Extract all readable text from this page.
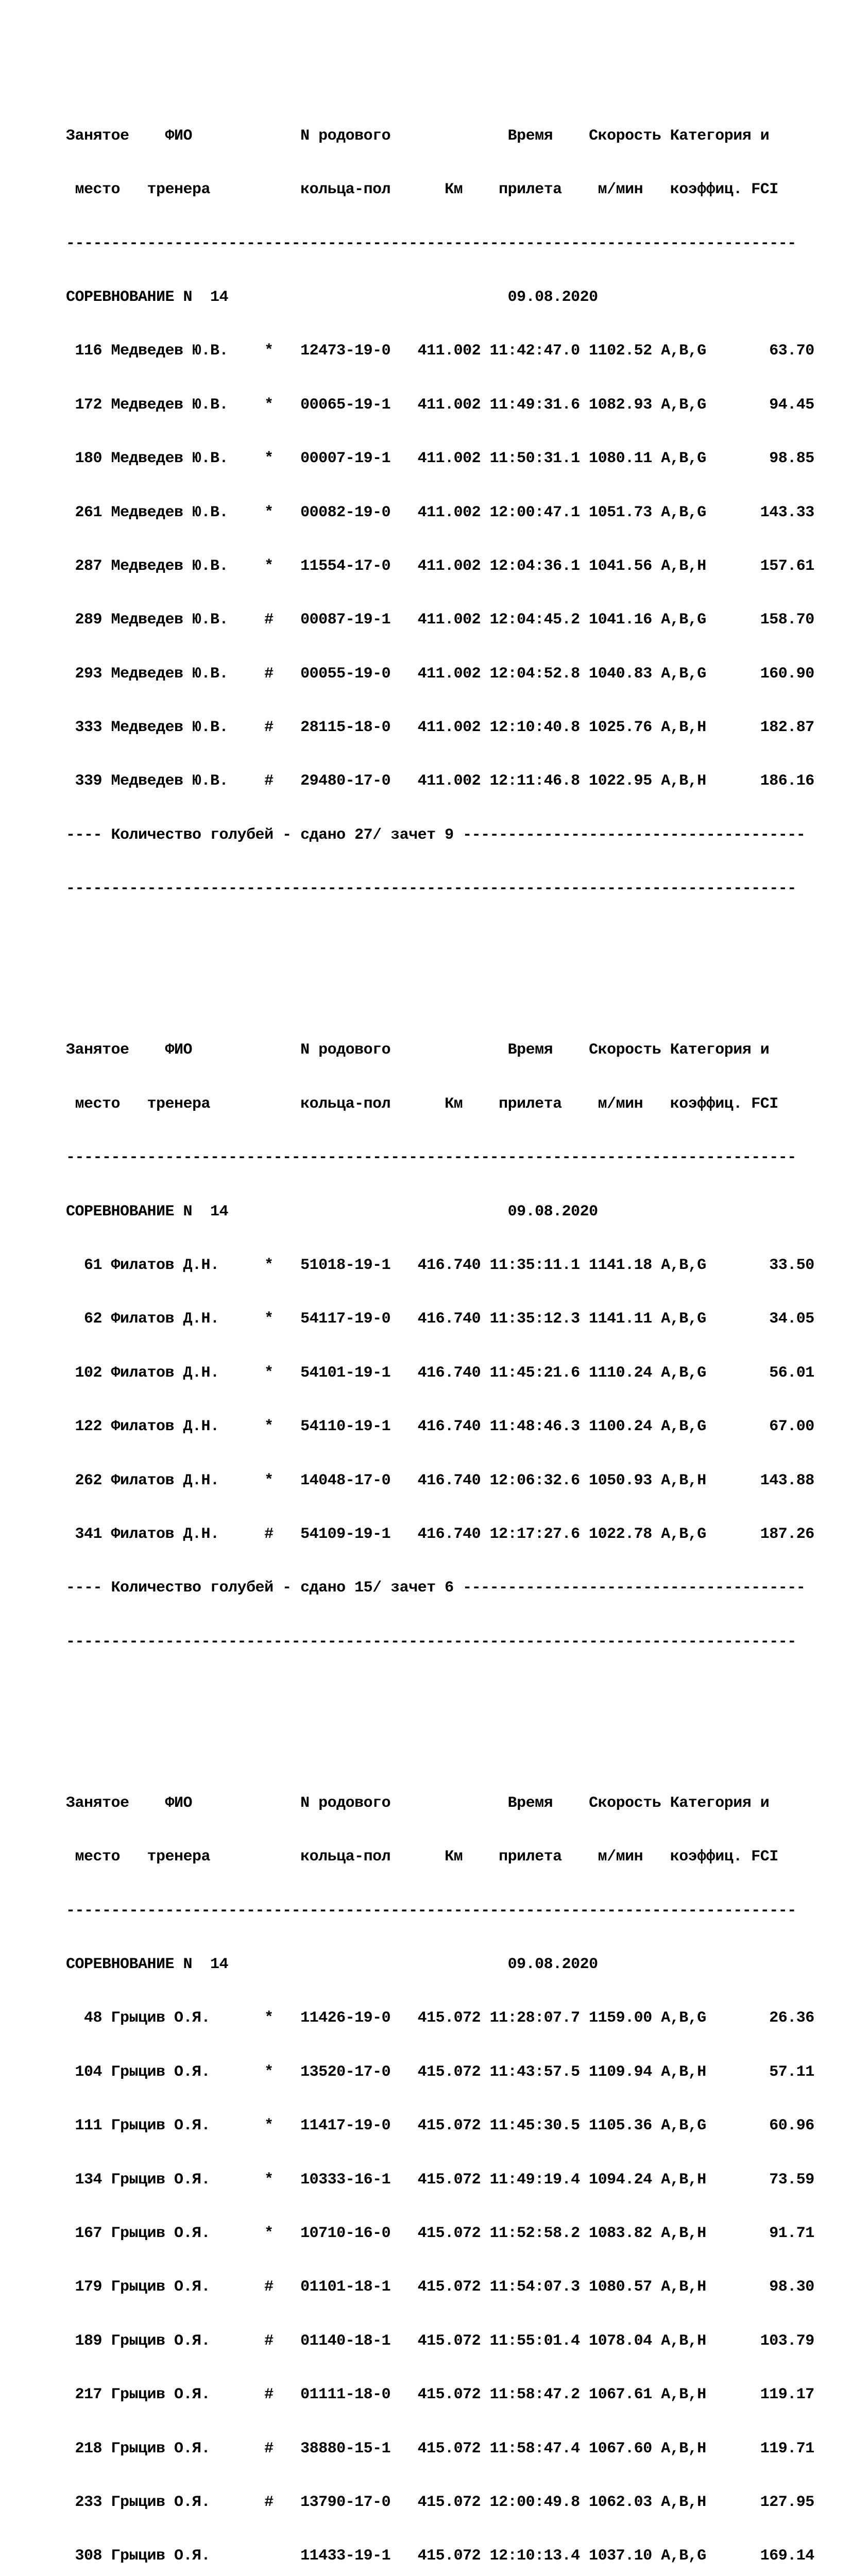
Занятое    ФИО            N родового             Время    Скорость Категория и

место   тренера          кольца-пол      Км    прилета    м/мин   коэффиц. FCI

---------------------------------------------------------------------------------

СОРЕВНОВАНИЕ N  14                               09.08.2020

116 Медведев Ю.В.    *   12473-19-0   411.002 11:42:47.0 1102.52 A,B,G       63.70

172 Медведев Ю.В.    *   00065-19-1   411.002 11:49:31.6 1082.93 A,B,G       94.45

180 Медведев Ю.В.    *   00007-19-1   411.002 11:50:31.1 1080.11 A,B,G       98.85

261 Медведев Ю.В.    *   00082-19-0   411.002 12:00:47.1 1051.73 A,B,G      143.33

287 Медведев Ю.В.    *   11554-17-0   411.002 12:04:36.1 1041.56 A,B,H      157.61

289 Медведев Ю.В.    #   00087-19-1   411.002 12:04:45.2 1041.16 A,B,G      158.70

293 Медведев Ю.В.    #   00055-19-0   411.002 12:04:52.8 1040.83 A,B,G      160.90

333 Медведев Ю.В.    #   28115-18-0   411.002 12:10:40.8 1025.76 A,B,H      182.87

339 Медведев Ю.В.    #   29480-17-0   411.002 12:11:46.8 1022.95 A,B,H      186.16

---- Количество голубей - сдано 27/ зачет 9 --------------------------------------

---------------------------------------------------------------------------------

Занятое    ФИО            N родового             Время    Скорость Категория и

место   тренера          кольца-пол      Км    прилета    м/мин   коэффиц. FCI

---------------------------------------------------------------------------------

СОРЕВНОВАНИЕ N  14                               09.08.2020

61 Филатов Д.Н.     *   51018-19-1   416.740 11:35:11.1 1141.18 A,B,G       33.50

62 Филатов Д.Н.     *   54117-19-0   416.740 11:35:12.3 1141.11 A,B,G       34.05

102 Филатов Д.Н.     *   54101-19-1   416.740 11:45:21.6 1110.24 A,B,G       56.01

122 Филатов Д.Н.     *   54110-19-1   416.740 11:48:46.3 1100.24 A,B,G       67.00

262 Филатов Д.Н.     *   14048-17-0   416.740 12:06:32.6 1050.93 A,B,H      143.88

341 Филатов Д.Н.     #   54109-19-1   416.740 12:17:27.6 1022.78 A,B,G      187.26

---- Количество голубей - сдано 15/ зачет 6 --------------------------------------

---------------------------------------------------------------------------------

Занятое    ФИО            N родового             Время    Скорость Категория и

место   тренера          кольца-пол      Км    прилета    м/мин   коэффиц. FCI

---------------------------------------------------------------------------------

СОРЕВНОВАНИЕ N  14                               09.08.2020

48 Грыцив О.Я.      *   11426-19-0   415.072 11:28:07.7 1159.00 A,B,G       26.36

104 Грыцив О.Я.      *   13520-17-0   415.072 11:43:57.5 1109.94 A,B,H       57.11

111 Грыцив О.Я.      *   11417-19-0   415.072 11:45:30.5 1105.36 A,B,G       60.96

134 Грыцив О.Я.      *   10333-16-1   415.072 11:49:19.4 1094.24 A,B,H       73.59

167 Грыцив О.Я.      *   10710-16-0   415.072 11:52:58.2 1083.82 A,B,H       91.71

179 Грыцив О.Я.      #   01101-18-1   415.072 11:54:07.3 1080.57 A,B,H       98.30

189 Грыцив О.Я.      #   01140-18-1   415.072 11:55:01.4 1078.04 A,B,H      103.79

217 Грыцив О.Я.      #   01111-18-0   415.072 11:58:47.2 1067.61 A,B,H      119.17

218 Грыцив О.Я.      #   38880-15-1   415.072 11:58:47.4 1067.60 A,B,H      119.71

233 Грыцив О.Я.      #   13790-17-0   415.072 12:00:49.8 1062.03 A,B,H      127.95

308 Грыцив О.Я.          11433-19-1   415.072 12:10:13.4 1037.10 A,B,G      169.14
